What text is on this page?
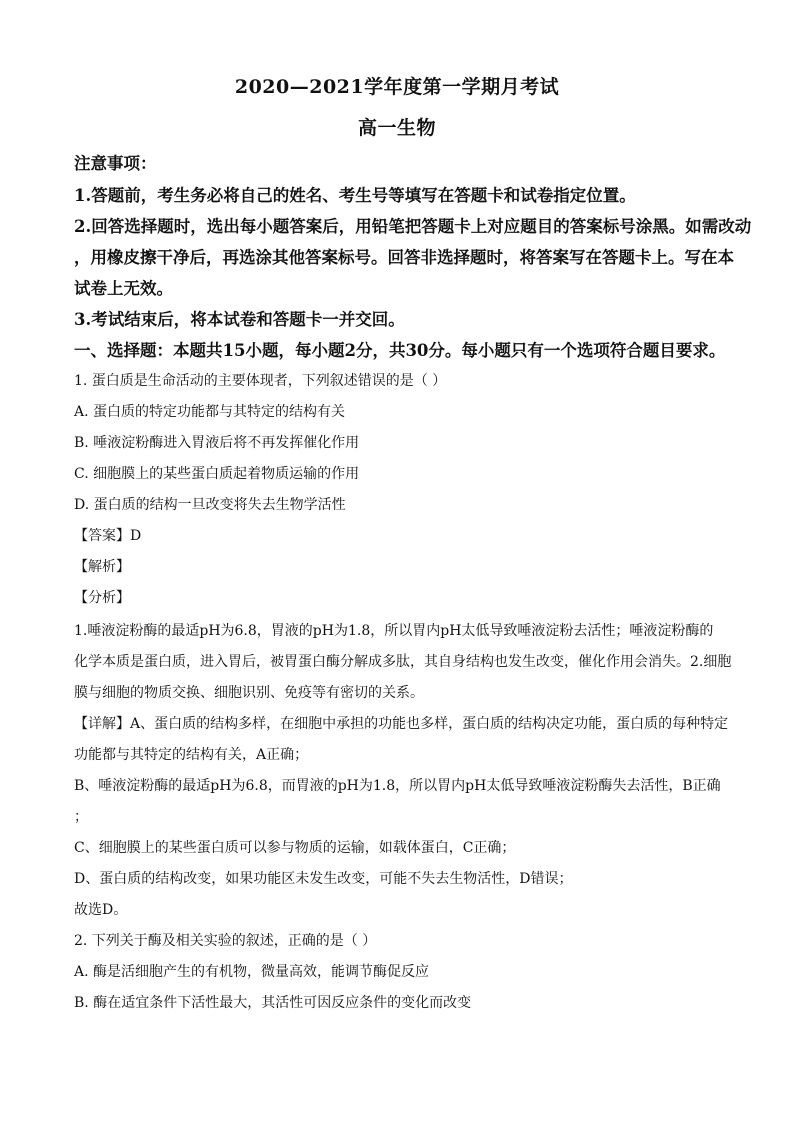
2020—2021学年度第一学期月考试
高一生物
注意事项：
1.答题前，考生务必将自己的姓名、考生号等填写在答题卡和试卷指定位置。
2.回答选择题时，选出每小题答案后，用铅笔把答题卡上对应题目的答案标号涂黑。如需改动
，用橡皮擦干净后，再选涂其他答案标号。回答非选择题时，将答案写在答题卡上。写在本
试卷上无效。
3.考试结束后，将本试卷和答题卡一并交回。
一、选择题：本题共15小题，每小题2分，共30分。每小题只有一个选项符合题目要求。
1. 蛋白质是生命活动的主要体现者，下列叙述错误的是（ ）
A. 蛋白质的特定功能都与其特定的结构有关
B. 唾液淀粉酶进入胃液后将不再发挥催化作用
C. 细胞膜上的某些蛋白质起着物质运输的作用
D. 蛋白质的结构一旦改变将失去生物学活性
【答案】D
【解析】
【分析】
1.唾液淀粉酶的最适pH为6.8，胃液的pH为1.8，所以胃内pH太低导致唾液淀粉去活性；唾液淀粉酶的
化学本质是蛋白质，进入胃后，被胃蛋白酶分解成多肽，其自身结构也发生改变，催化作用会消失。2.细胞
膜与细胞的物质交换、细胞识别、免疫等有密切的关系。
【详解】A、蛋白质的结构多样，在细胞中承担的功能也多样，蛋白质的结构决定功能，蛋白质的每种特定
功能都与其特定的结构有关，A正确；
B、唾液淀粉酶的最适pH为6.8，而胃液的pH为1.8，所以胃内pH太低导致唾液淀粉酶失去活性，B正确
；
C、细胞膜上的某些蛋白质可以参与物质的运输，如载体蛋白，C正确；
D、蛋白质的结构改变，如果功能区未发生改变，可能不失去生物活性，D错误；
故选D。
2. 下列关于酶及相关实验的叙述，正确的是（ ）
A. 酶是活细胞产生的有机物，微量高效，能调节酶促反应
B. 酶在适宜条件下活性最大，其活性可因反应条件的变化而改变
